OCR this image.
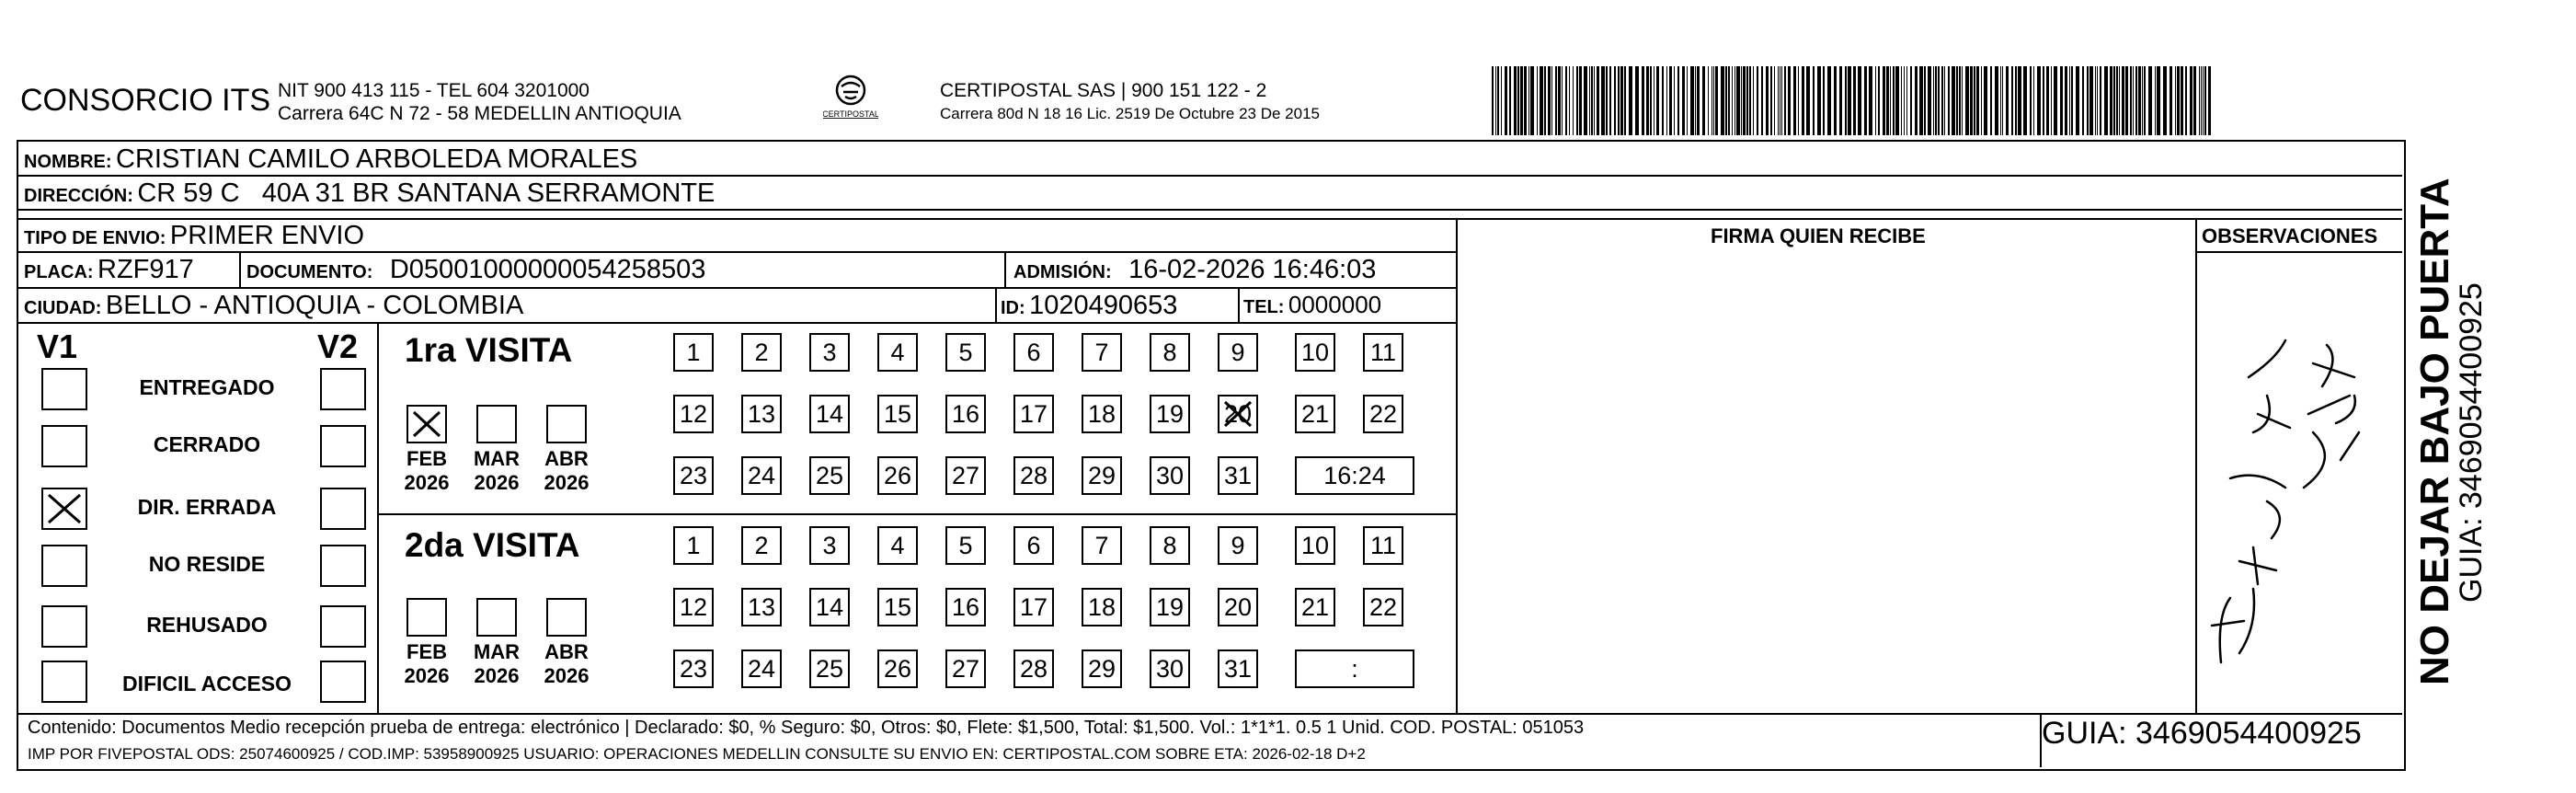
CONSORCIO ITS NIT 900 413 115 - TEL 604 3201000
Carrera 64C N 72 - 58 MEDELLIN ANTIOQUIA	CERTIPOSTAL
CERTIPOSTAL SAS | 900 151 122 - 2
Carrera 80d N 18 16 Lic. 2519 De Octubre 23 De 2015
NOMBRE: CRISTIAN CAMILO ARBOLEDA MORALES
DIRECCIÓN: CR 59 C   40A 31 BR SANTANA SERRAMONTE
TIPO DE ENVIO: PRIMER ENVIO	FIRMA QUIEN RECIBE	OBSERVACIONES
PLACA: RZF917	DOCUMENTO: D05001000000054258503	ADMISIÓN: 16-02-2026 16:46:03
CIUDAD: BELLO - ANTIOQUIA - COLOMBIA	ID: 1020490653	TEL: 0000000
V1	V2
ENTREGADO
CERRADO
DIR. ERRADA
NO RESIDE
REHUSADO
DIFICIL ACCESO
1ra VISITA
2da VISITA
FEB
2026
MAR
2026
ABR
2026
1	2	3	4	5	6	7	8	9	10 11
12 13 14 15 16 17 18 19 20 21 22
23 24 25 26 27 28 29 30 31	16:24
FEB
2026
MAR
2026
ABR
2026
1	2	3	4	5	6	7	8	9	10 11
12 13 14 15 16 17 18 19 20 21 22
23 24 25 26 27 28 29 30 31	:
Contenido: Documentos Medio recepción prueba de entrega: electrónico | Declarado: $0, % Seguro: $0, Otros: $0, Flete: $1,500, Total: $1,500. Vol.: 1*1*1. 0.5 1 Unid. COD. POSTAL: 051053
IMP POR FIVEPOSTAL ODS: 25074600925 / COD.IMP: 53958900925 USUARIO: OPERACIONES MEDELLIN CONSULTE SU ENVIO EN: CERTIPOSTAL.COM SOBRE ETA: 2026-02-18 D+2
GUIA: 3469054400925
NO DEJAR BAJO PUERTA
GUIA: 3469054400925
